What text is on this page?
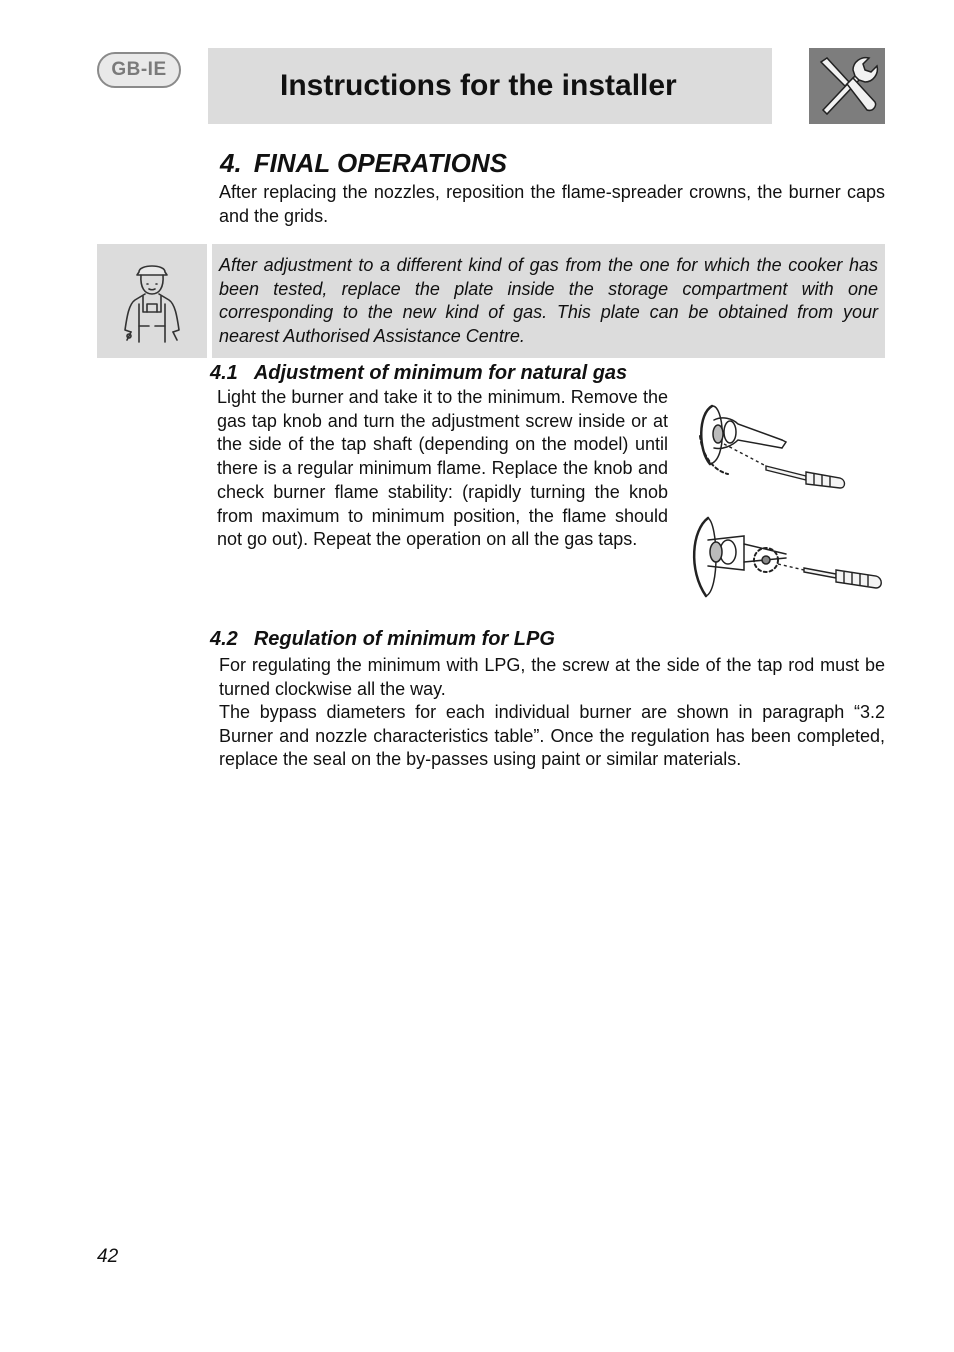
GB-IE	Instructions for the installer
4. FINAL OPERATIONS

After replacing the nozzles, reposition the flame-spreader crowns, the burner caps and the grids.

After adjustment to a different kind of gas from the one for which the cooker has been tested, replace the plate inside the storage compartment with one corresponding to the new kind of gas. This plate can be obtained from your nearest Authorised Assistance Centre.

4.1 Adjustment of minimum for natural gas

Light the burner and take it to the minimum. Remove the gas tap knob and turn the adjustment screw inside or at the side of the tap shaft (depending on the model) until there is a regular minimum flame. Replace the knob and check burner flame stability: (rapidly turning the knob from maximum to minimum position, the flame should not go out). Repeat the operation on all the gas taps.

4.2 Regulation of minimum for LPG

For regulating the minimum with LPG, the screw at the side of the tap rod must be turned clockwise all the way.

The bypass diameters for each individual burner are shown in paragraph “3.2 Burner and nozzle characteristics table”. Once the regulation has been completed, replace the seal on the by-passes using paint or similar materials.

42
